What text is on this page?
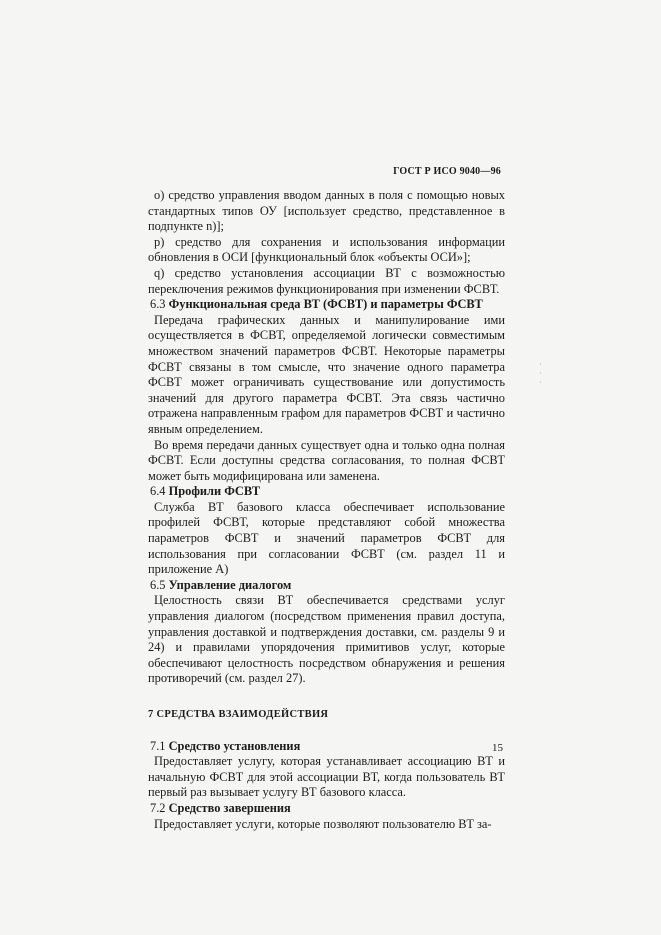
ГОСТ Р ИСО 9040—96

о) средство управления вводом данных в поля с помощью новых стандартных типов ОУ [использует средство, представленное в подпункте n)];

р) средство для сохранения и использования информации обновления в ОСИ [функциональный блок «объекты ОСИ»];

q) средство установления ассоциации ВТ с возможностью переключения режимов функционирования при изменении ФСВТ.

6.3 Функциональная среда ВТ (ФСВТ) и параметры ФСВТ

Передача графических данных и манипулирование ими осуществляется в ФСВТ, определяемой логически совместимым множеством значений параметров ФСВТ. Некоторые параметры ФСВТ связаны в том смысле, что значение одного параметра ФСВТ может ограничивать существование или допустимость значений для другого параметра ФСВТ. Эта связь частично отражена направленным графом для параметров ФСВТ и частично явным определением.

Во время передачи данных существует одна и только одна полная ФСВТ. Если доступны средства согласования, то полная ФСВТ может быть модифицирована или заменена.

6.4 Профили ФСВТ

Служба ВТ базового класса обеспечивает использование профилей ФСВТ, которые представляют собой множества параметров ФСВТ и значений параметров ФСВТ для использования при согласовании ФСВТ (см. раздел 11 и приложение А)

6.5 Управление диалогом

Целостность связи ВТ обеспечивается средствами услуг управления диалогом (посредством применения правил доступа, управления доставкой и подтверждения доставки, см. разделы 9 и 24) и правилами упорядочения примитивов услуг, которые обеспечивают целостность посредством обнаружения и решения противоречий (см. раздел 27).

7 СРЕДСТВА ВЗАИМОДЕЙСТВИЯ

7.1 Средство установления

Предоставляет услугу, которая устанавливает ассоциацию ВТ и начальную ФСВТ для этой ассоциации ВТ, когда пользователь ВТ первый раз вызывает услугу ВТ базового класса.

7.2 Средство завершения

Предоставляет услуги, которые позволяют пользователю ВТ за-

15
·
·
·
